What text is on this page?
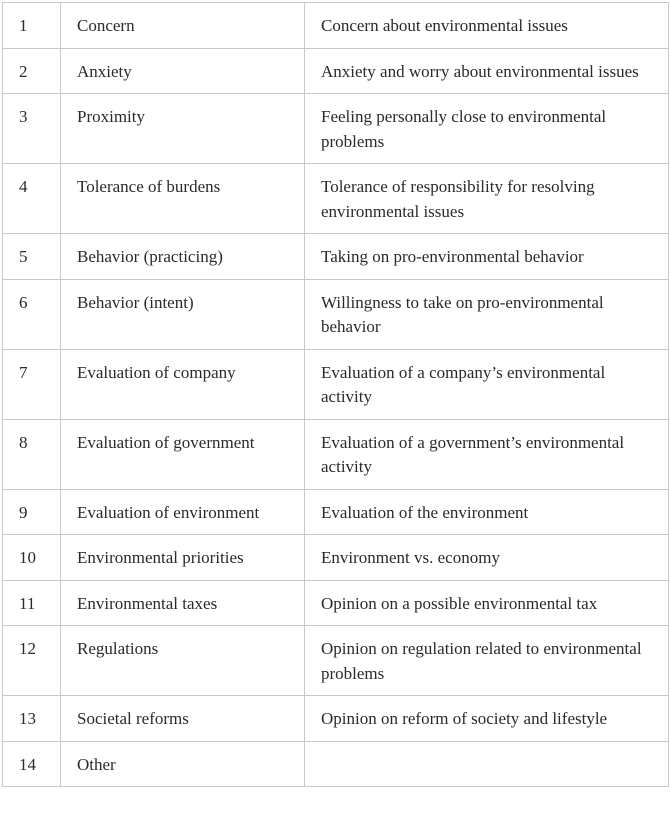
1	Concern	Concern about environmental issues
2	Anxiety	Anxiety and worry about environmental issues
3	Proximity	Feeling personally close to environmental problems
4	Tolerance of burdens	Tolerance of responsibility for resolving environmental issues
5	Behavior (practicing)	Taking on pro-environmental behavior
6	Behavior (intent)	Willingness to take on pro-environmental behavior
7	Evaluation of company	Evaluation of a company’s environmental activity
8	Evaluation of government	Evaluation of a government’s environmental activity
9	Evaluation of environment	Evaluation of the environment
10	Environmental priorities	Environment vs. economy
11	Environmental taxes	Opinion on a possible environmental tax
12	Regulations	Opinion on regulation related to environmental problems
13	Societal reforms	Opinion on reform of society and lifestyle
14	Other	
